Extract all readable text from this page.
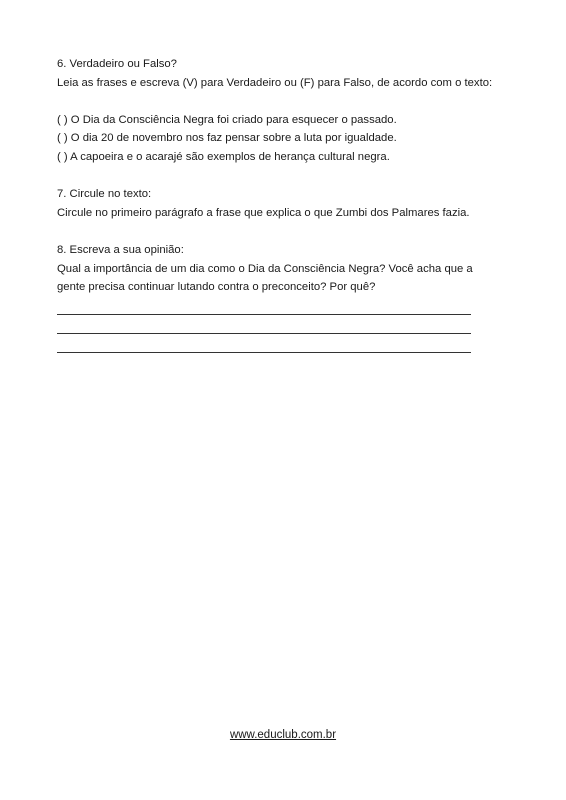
6. Verdadeiro ou Falso?
Leia as frases e escreva (V) para Verdadeiro ou (F) para Falso, de acordo com o texto:
( ) O Dia da Consciência Negra foi criado para esquecer o passado.
( ) O dia 20 de novembro nos faz pensar sobre a luta por igualdade.
( ) A capoeira e o acarajé são exemplos de herança cultural negra.
7. Circule no texto:
Circule no primeiro parágrafo a frase que explica o que Zumbi dos Palmares fazia.
8. Escreva a sua opinião:
Qual a importância de um dia como o Dia da Consciência Negra? Você acha que a
gente precisa continuar lutando contra o preconceito? Por quê?
www.educlub.com.br
